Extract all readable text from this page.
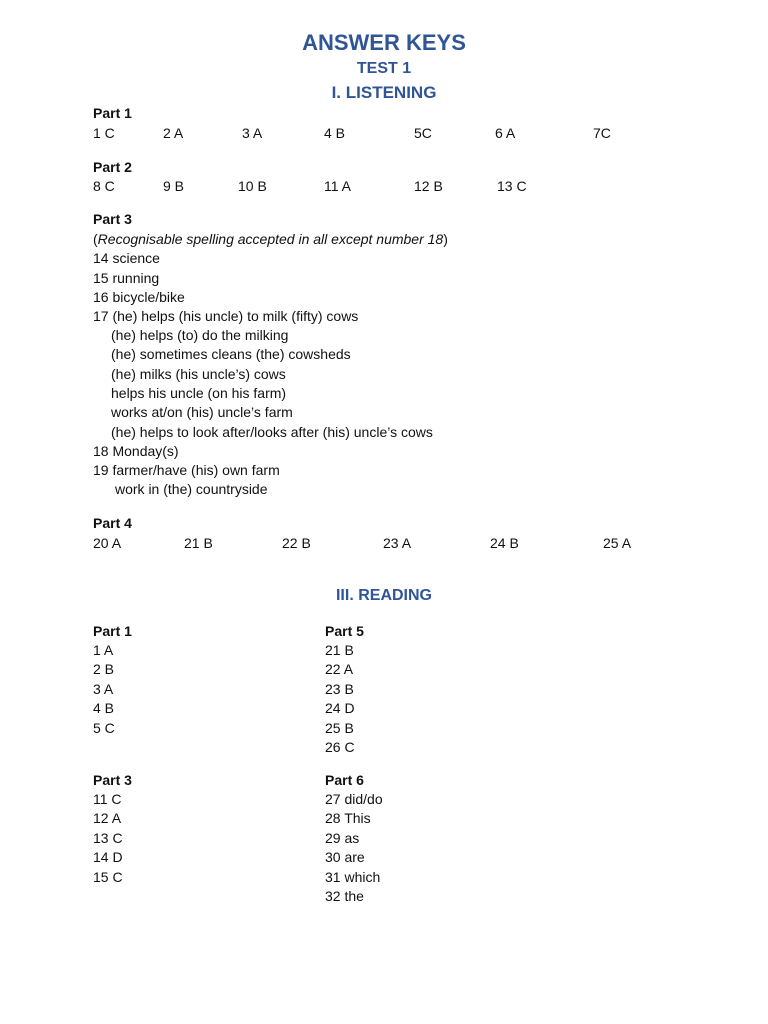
ANSWER KEYS
TEST 1
I. LISTENING
Part 1
1 C	2 A	3 A	4 B	5C	6 A	7C
Part 2
8 C	9 B	10 B	11 A	12 B	13 C
Part 3
(Recognisable spelling accepted in all except number 18)
14 science
15 running
16 bicycle/bike
17 (he) helps (his uncle) to milk (fifty) cows
(he) helps (to) do the milking
(he) sometimes cleans (the) cowsheds
(he) milks (his uncle’s) cows
helps his uncle (on his farm)
works at/on (his) uncle’s farm
(he) helps to look after/looks after (his) uncle’s cows
18 Monday(s)
19 farmer/have (his) own farm
work in (the) countryside
Part 4
20 A	21 B	22 B	23 A	24 B	25 A
III. READING
Part 1
1 A
2 B
3 A
4 B
5 C
Part 5
21 B
22 A
23 B
24 D
25 B
26 C
Part 3
11 C
12 A
13 C
14 D
15 C
Part 6
27 did/do
28 This
29 as
30 are
31 which
32 the
